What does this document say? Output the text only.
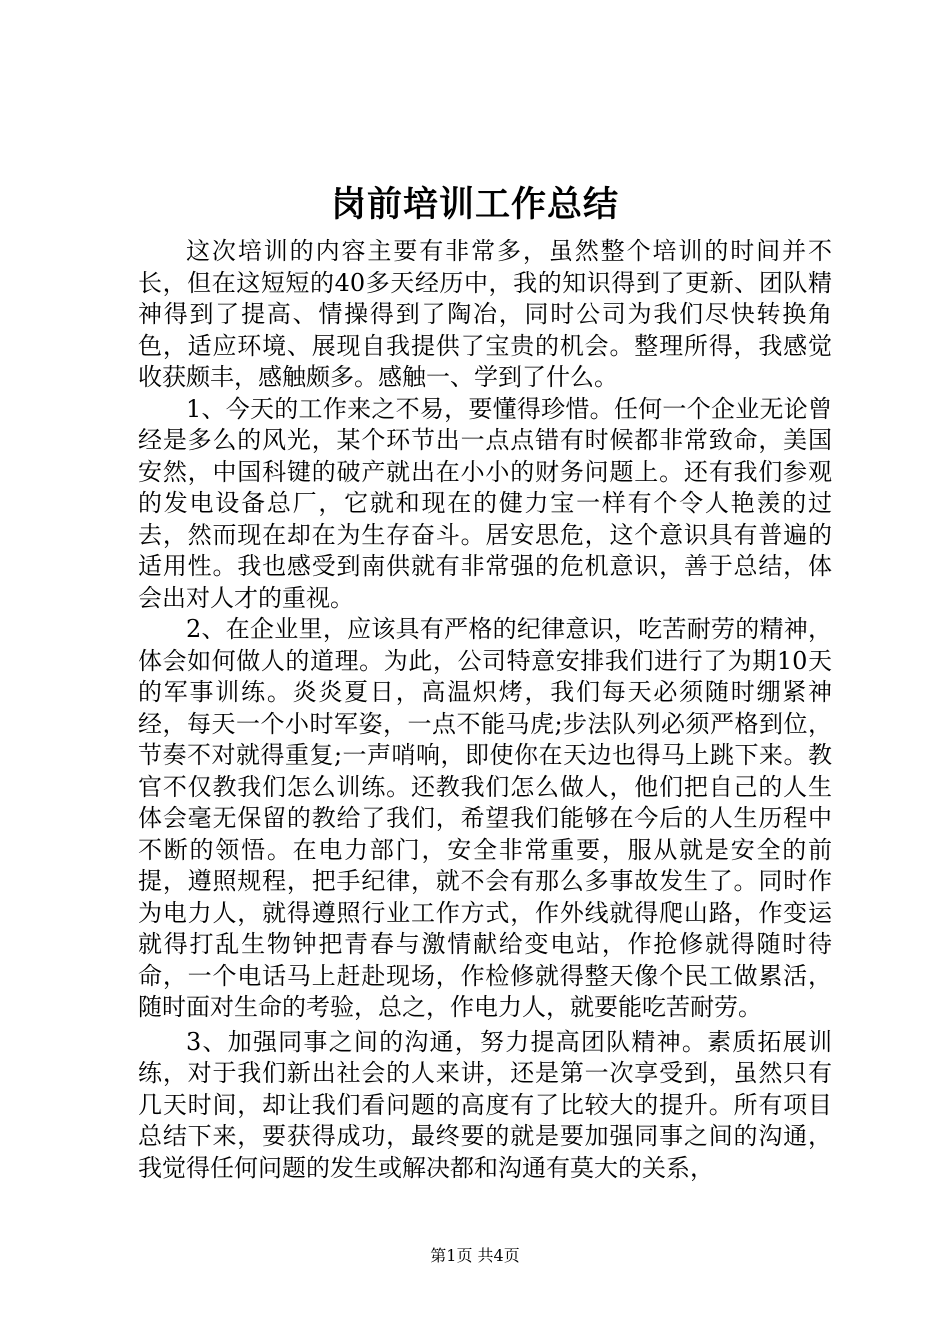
岗前培训工作总结

这次培训的内容主要有非常多，虽然整个培训的时间并不长，但在这短短的40多天经历中，我的知识得到了更新、团队精神得到了提高、情操得到了陶冶，同时公司为我们尽快转换角色，适应环境、展现自我提供了宝贵的机会。整理所得，我感觉收获颇丰，感触颇多。感触一、学到了什么。

1、今天的工作来之不易，要懂得珍惜。任何一个企业无论曾经是多么的风光，某个环节出一点点错有时候都非常致命，美国安然，中国科键的破产就出在小小的财务问题上。还有我们参观的发电设备总厂，它就和现在的健力宝一样有个令人艳羡的过去，然而现在却在为生存奋斗。居安思危，这个意识具有普遍的适用性。我也感受到南供就有非常强的危机意识，善于总结，体会出对人才的重视。

2、在企业里，应该具有严格的纪律意识，吃苦耐劳的精神，体会如何做人的道理。为此，公司特意安排我们进行了为期10天的军事训练。炎炎夏日，高温炽烤，我们每天必须随时绷紧神经，每天一个小时军姿，一点不能马虎;步法队列必须严格到位，节奏不对就得重复;一声哨响，即使你在天边也得马上跳下来。教官不仅教我们怎么训练。还教我们怎么做人，他们把自己的人生体会毫无保留的教给了我们，希望我们能够在今后的人生历程中不断的领悟。在电力部门，安全非常重要，服从就是安全的前提，遵照规程，把手纪律，就不会有那么多事故发生了。同时作为电力人，就得遵照行业工作方式，作外线就得爬山路，作变运就得打乱生物钟把青春与激情献给变电站，作抢修就得随时待命，一个电话马上赶赴现场，作检修就得整天像个民工做累活，随时面对生命的考验，总之，作电力人，就要能吃苦耐劳。

3、加强同事之间的沟通，努力提高团队精神。素质拓展训练，对于我们新出社会的人来讲，还是第一次享受到，虽然只有几天时间，却让我们看问题的高度有了比较大的提升。所有项目总结下来，要获得成功，最终要的就是要加强同事之间的沟通，我觉得任何问题的发生或解决都和沟通有莫大的关系，

第1页 共4页
